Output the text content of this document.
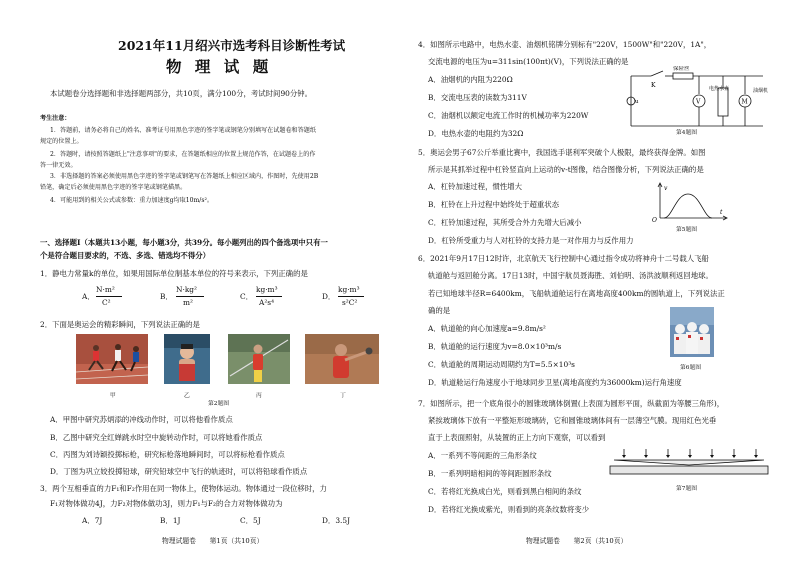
2021年11月绍兴市选考科目诊断性考试
物 理 试 题
本试题卷分选择题和非选择题两部分，共10页，满分100分，考试时间90分钟。
考生注意：
1．答题前，请务必将自己的姓名、准考证号用黑色字迹的签字笔或钢笔分别填写在试题卷和答题纸
规定的位置上。
2．答题时，请按照答题纸上"注意事项"的要求，在答题纸相应的位置上规范作答，在试题卷上的作
答一律无效。
3．非选择题的答案必须使用黑色字迹的签字笔或钢笔写在答题纸上相应区域内，作图时，先使用2B
铅笔，确定后必须使用黑色字迹的签字笔或钢笔描黑。
4．可能用到的相关公式或参数：重力加速度g均取10m/s²。
一、选择题Ⅰ（本题共13小题，每小题3分，共39分。每小题列出的四个备选项中只有一
个是符合题目要求的，不选、多选、错选均不得分）
1．静电力常量k的单位，如果用国际单位制基本单位的符号来表示，下列正确的是
A．
N·m²
C²
B．
N·kg²
m²
C．
kg·m³
A²s⁴
D．
kg·m³
s²C²
2．下面是奥运会的精彩瞬间，下列说法正确的是
甲	乙	丙	丁
第2题图
A．甲图中研究苏炳添的冲线动作时，可以将他看作质点
B．乙图中研究全红婵跳水时空中旋转动作时，可以将她看作质点
C．丙图为刘诗颖投掷标枪，研究标枪落地瞬间时，可以将标枪看作质点
D．丁图为巩立姣投掷铅球，研究铅球空中飞行的轨迹时，可以将铅球看作质点
3．两个互相垂直的力F₁和F₂作用在同一物体上，使物体运动。物体通过一段位移时，力
F₁对物体做功4J，力F₂对物体做功3J，则力F₁与F₂的合力对物体做功为
A．7J	B．1J	C．5J	D．3.5J
物理试题卷　　第1页（共10页）
4．如图所示电路中，电热水壶、油烟机铭牌分别标有"220V，1500W"和"220V，1A"，
交流电源的电压为u=311sin(100πt)(V)，下列说法正确的是
A．油烟机的内阻为220Ω
B．交流电压表的读数为311V
C．油烟机以额定电流工作时的机械功率为220W
D．电热水壶的电阻约为32Ω
K
保险丝
u	V	M
电热水壶	油烟机
第4题图
5．奥运会男子67公斤举重比赛中，我国选手谌利军突破个人极限，最终获得金牌。如图
所示是其抓举过程中杠铃竖直向上运动的v-t图像，结合图像分析，下列说法正确的是
A．杠铃加速过程，惯性增大
B．杠铃在上升过程中始终处于超重状态
C．杠铃加速过程，其所受合外力先增大后减小
D．杠铃所受重力与人对杠铃的支持力是一对作用力与反作用力
v
t
O
第5题图
6．2021年9月17日12时许，北京航天飞行控制中心通过指令成功将神舟十二号载人飞船
轨道舱与返回舱分离。17日13时，中国宇航员聂海胜、刘伯明、汤洪波顺利返回地球。
若已知地球半径R=6400km，飞船轨道舱运行在离地高度400km的圆轨道上，下列说法正
确的是
A．轨道舱的向心加速度a=9.8m/s²
B．轨道舱的运行速度为v=8.0×10³m/s
C．轨道舱的周期运动周期约为T=5.5×10³s
D．轨道舱运行角速度小于地球同步卫星(离地高度约为36000km)运行角速度
第6题图
7．如图所示，把一个底角很小的圆锥玻璃体倒置(上表面为圆形平面，纵截面为等腰三角形)，
紧挨玻璃体下放有一平整矩形玻璃砖，它和圆锥玻璃体间有一层薄空气膜。现用红色光垂
直于上表面照射，从装置的正上方向下观察，可以看到
A．一系列不等间距的三角形条纹
B．一系列明暗相间的等间距圆形条纹
C．若将红光换成白光，则看到黑白相间的条纹
D．若将红光换成紫光，则看到的亮条纹数将变少
第7题图
物理试题卷　　第2页（共10页）
